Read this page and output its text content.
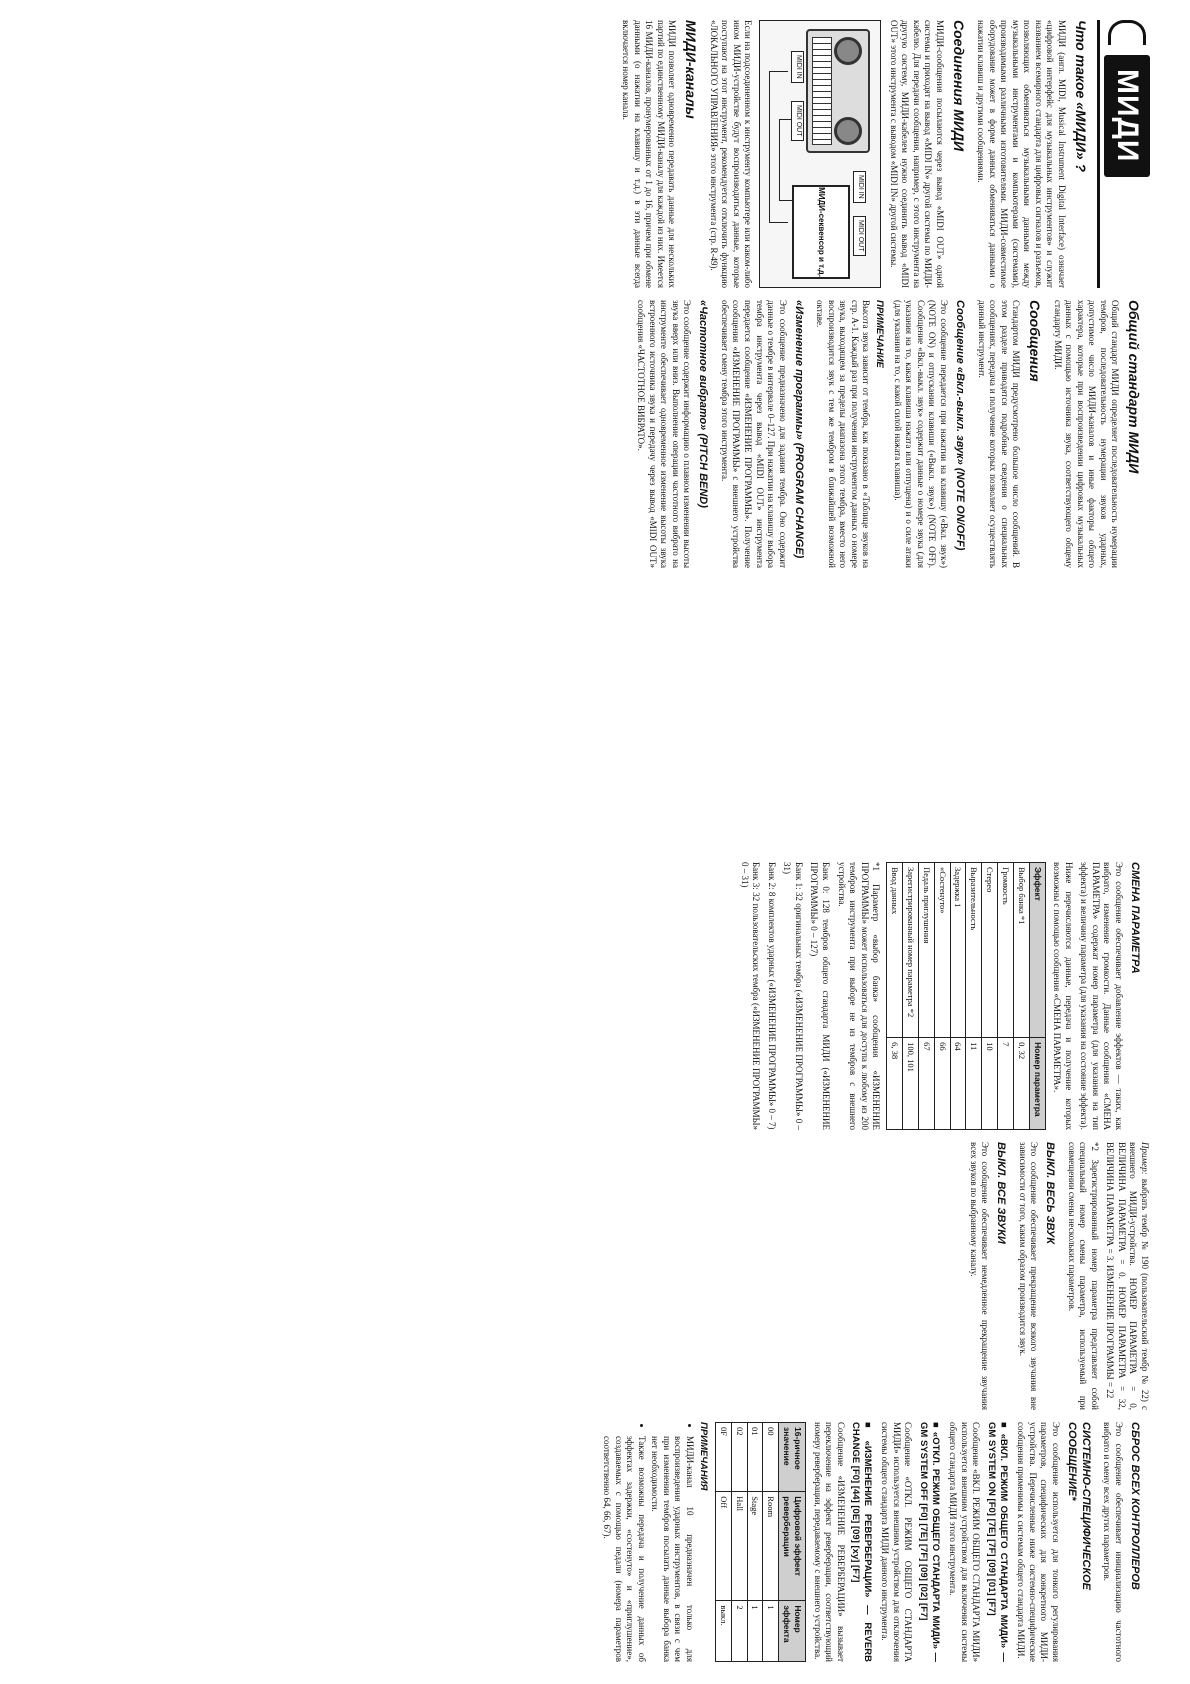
МИДИ
Что такое «МИДИ» ?

МИДИ (англ. MIDI, Musical Instrument Digital Interface) означает «цифровой интерфейс для музыкальных инструментов» и служит названием всемирного стандарта для цифровых сигналов и разъемов, позволяющих обмениваться музыкальными данными между музыкальными инструментами и компьютерами (системами), производимыми различными изготовителями. МИДИ-совместимое оборудование может в форме данных обмениваться данными о нажатии клавиш и другими сообщениями.

Соединения МИДИ

МИДИ-сообщения посылаются через вывод «MIDI OUT» одной системы и приходят на вывод «MIDI IN» другой системы по МИДИ-кабелю. Для передачи сообщения, например, с этого инструмента на другую систему, МИДИ-кабелем нужно соединить вывод «MIDI OUT» этого инструмента с выводом «MIDI IN» другой системы.

MIDI IN
MIDI OUT
MIDI IN
MIDI OUT
МИДИ-секвенсор и т.д.

Если на подсоединенном к инструменту компьютере или каком-либо ином МИДИ-устройстве будут воспроизводиться данные, которые поступают на этот инструмент, рекомендуется отключить функцию «ЛОКАЛЬНОГО УПРАВЛЕНИЯ» этого инструмента (стр. R-49).

МИДИ-каналы

МИДИ позволяет одновременно передавать данные для нескольких партий по единственному МИДИ-каналу для каждой из них. Имеется 16 МИДИ-каналов, пронумерованных от 1 до 16, причем при обмене данными (о нажатии на клавишу и т.д.) в эти данные всегда включается номер канала.

Общий стандарт МИДИ

Общий стандарт МИДИ определяет последовательность нумерации тембров, последовательность нумерации звуков ударных, допустимое число МИДИ-каналов и иные факторы общего характера, которые при воспроизведении цифровых музыкальных данных с помощью источника звука, соответствующего общему стандарту МИДИ.

Сообщения

Стандартом МИДИ предусмотрено большое число сообщений. В этом разделе приводятся подробные сведения о специальных сообщениях, передача и получение которых позволяет осуществлять данный инструмент.

Сообщение «Вкл.-выкл. звук» (NOTE ON/OFF)

Это сообщение передается при нажатии на клавишу («Вкл. звук») (NOTE ON) и отпускании клавиши («Выкл. звук») (NOTE OFF). Сообщение «Вкл.-выкл. звук» содержит данные о номере звука (для указания на то, какая клавиша нажата или отпущена) и о силе атаки (для указания на то, с какой силой нажата клавиша).

ПРИМЕЧАНИЕ

Высота звука зависит от тембра, как показано в «Таблице звуков на стр. А-1. Каждый раз при получении инструментом данных о номере звука, выходящем за пределы диапазона этого тембра, вместо него воспроизводится звук с тем же тембром в ближайшей возможной октаве.

«Изменение программы» (PROGRAM CHANGE)

Это сообщение предназначено для задания тембра. Оно содержит данные о тембре в интервале 0–127. При нажатии на клавишу выбора тембра инструмента через вывод «MIDI OUT» инструмента передается сообщение «ИЗМЕНЕНИЕ ПРОГРАММЫ». Получение сообщения «ИЗМЕНЕНИЕ ПРОГРАММЫ» с внешнего устройства обеспечивает смену тембра этого инструмента.

«Частотное вибрато» (PITCH BEND)

Это сообщение содержит информацию о плавном изменении высоты звука вверх или вниз. Выполнение операции частотного вибрато на инструменте обеспечивает одновременное изменение высоты звука встроенного источника звука и передачу через вывод «MIDI OUT» сообщения «ЧАСТОТНОЕ ВИБРАТО».

СМЕНА ПАРАМЕТРА

Это сообщение обеспечивает добавление эффектов — таких, как вибрато, изменение громкости. Данные сообщения «СМЕНА ПАРАМЕТРА» содержат номер параметра (для указания на тип эффекта) и величину параметра (для указания на состояние эффекта).

Ниже перечисляются данные, передача и получение которых возможны с помощью сообщения «СМЕНА ПАРАМЕТРА».

Эффект	Номер параметра
Выбор банка *1	0, 32
Громкость	7
Стерео	10
Выразительность	11
Задержка 1	64
«Состенуто»	66
Педаль приглушения	67
Зарегистрированный номер параметра *2	100, 101
Ввод данных	6, 38

*1 Параметр «выбор банка» сообщения «ИЗМЕНЕНИЕ ПРОГРАММЫ» может использоваться для доступа к любому из 200 тембров инструмента при выборе не из тембров с внешнего устройства.

Банк 0: 128 тембров общего стандарта МИДИ («ИЗМЕНЕНИЕ ПРОГРАММЫ» 0 – 127)

Банк 1: 32 оригинальных тембра («ИЗМЕНЕНИЕ ПРОГРАММЫ» 0 – 31)

Банк 2: 8 комплектов ударных («ИЗМЕНЕНИЕ ПРОГРАММЫ» 0 – 7)

Банк 3: 32 пользовательских тембра («ИЗМЕНЕНИЕ ПРОГРАММЫ» 0 – 31)

Пример: выбрать тембр № 190 (пользовательский тембр № 22) с внешнего МИДИ-устройства. НОМЕР ПАРАМЕТРА = 0, ВЕЛИЧИНА ПАРАМЕТРА = 0. НОМЕР ПАРАМЕТРА = 32, ВЕЛИЧИНА ПАРАМЕТРА = 3. ИЗМЕНЕНИЕ ПРОГРАММЫ = 22

*2 Зарегистрированный номер параметра представляет собой специальный номер смены параметра, используемый при совмещении смены нескольких параметров.

ВЫКЛ. ВЕСЬ ЗВУК

Это сообщение обеспечивает прекращение всякого звучания вне зависимости от того, каким образом производится звук.

ВЫКЛ. ВСЕ ЗВУКИ

Это сообщение обеспечивает немедленное прекращение звучания всех звуков по выбранному каналу.

СБРОС ВСЕХ КОНТРОЛЛЕРОВ

Это сообщение обеспечивает инициализацию частотного вибрато и смену всех других параметров.

СИСТЕМНО-СПЕЦИФИЧЕСКОЕ СООБЩЕНИЕ*

Это сообщение используется для тонкого регулирования параметров, специфических для конкретного МИДИ-устройства. Перечисленные ниже системно-специфические сообщения применимы к системам общего стандарта МИДИ.

■ «ВКЛ. РЕЖИМ ОБЩЕГО СТАНДАРТА МИДИ» — GM SYSTEM ON [F0] [7E] [7F] [09] [01] [F7]

Сообщение «ВКЛ. РЕЖИМ ОБЩЕГО СТАНДАРТА МИДИ» используется внешним устройством для включения системы общего стандарта МИДИ этого инструмента.

■ «ОТКЛ. РЕЖИМ ОБЩЕГО СТАНДАРТА МИДИ» — GM SYSTEM OFF [F0] [7E] [7F] [09] [02] [F7]

Сообщение «ОТКЛ. РЕЖИМ ОБЩЕГО СТАНДАРТА МИДИ» используется внешним устройством для отключения системы общего стандарта МИДИ данного инструмента.

■ «ИЗМЕНЕНИЕ РЕВЕРБЕРАЦИИ» — REVERB CHANGE [F0] [44] [0E] [09] [xy] [F7]

Сообщение «ИЗМЕНЕНИЕ РЕВЕРБЕРАЦИИ» вызывает переключение на эффект реверберации, соответствующий номеру реверберации, передаваемому с внешнего устройства.

16-ричное значение	Цифровой эффект реверберации	Номер эффекта
00	Room	1
01	Stage	1
02	Hall	2
0F	Off	выкл.
ПРИМЕЧАНИЯ
• МИДИ-канал 10 предназначен только для воспроизведения ударных инструментов, в связи с чем при изменении тембров посылать данные выбора банка нет необходимости.
• Также возможны передача и получение данных об эффектах задержки, «состенуто» и «приглушение», создаваемых с помощью педали (номера параметров соответственно 64, 66, 67).
